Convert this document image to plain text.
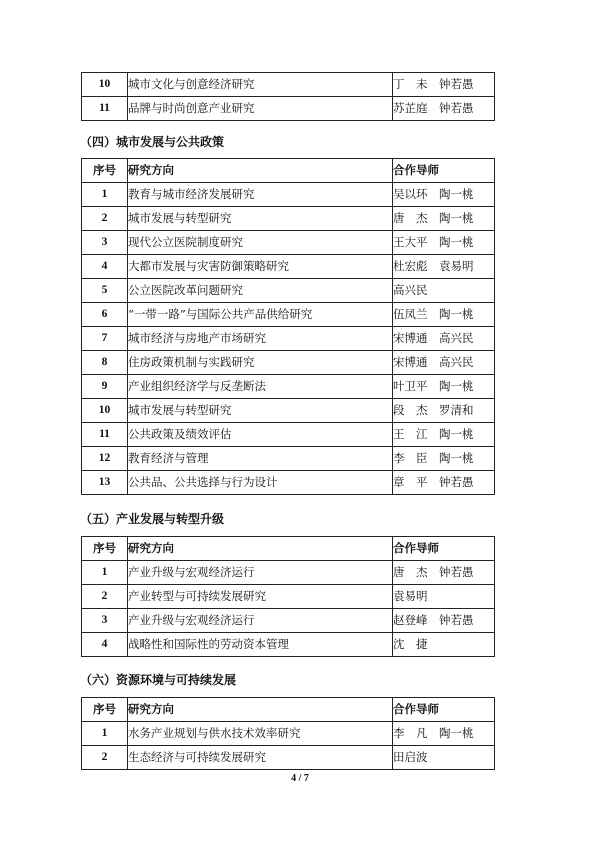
10	城市文化与创意经济研究	丁　未　钟若愚
11	品牌与时尚创意产业研究	苏芷庭　钟若愚
（四）城市发展与公共政策
序号	研究方向	合作导师
1	教育与城市经济发展研究	吴以环　陶一桃
2	城市发展与转型研究	唐　杰　陶一桃
3	现代公立医院制度研究	王大平　陶一桃
4	大都市发展与灾害防御策略研究	杜宏彪　袁易明
5	公立医院改革问题研究	高兴民
6	“一带一路”与国际公共产品供给研究	伍凤兰　陶一桃
7	城市经济与房地产市场研究	宋博通　高兴民
8	住房政策机制与实践研究	宋博通　高兴民
9	产业组织经济学与反垄断法	叶卫平　陶一桃
10	城市发展与转型研究	段　杰　罗清和
11	公共政策及绩效评估	王　江　陶一桃
12	教育经济与管理	李　臣　陶一桃
13	公共品、公共选择与行为设计	章　平　钟若愚
（五）产业发展与转型升级
序号	研究方向	合作导师
1	产业升级与宏观经济运行	唐　杰　钟若愚
2	产业转型与可持续发展研究	袁易明
3	产业升级与宏观经济运行	赵登峰　钟若愚
4	战略性和国际性的劳动资本管理	沈　捷
（六）资源环境与可持续发展
序号	研究方向	合作导师
1	水务产业规划与供水技术效率研究	李　凡　陶一桃
2	生态经济与可持续发展研究	田启波
4 / 7
